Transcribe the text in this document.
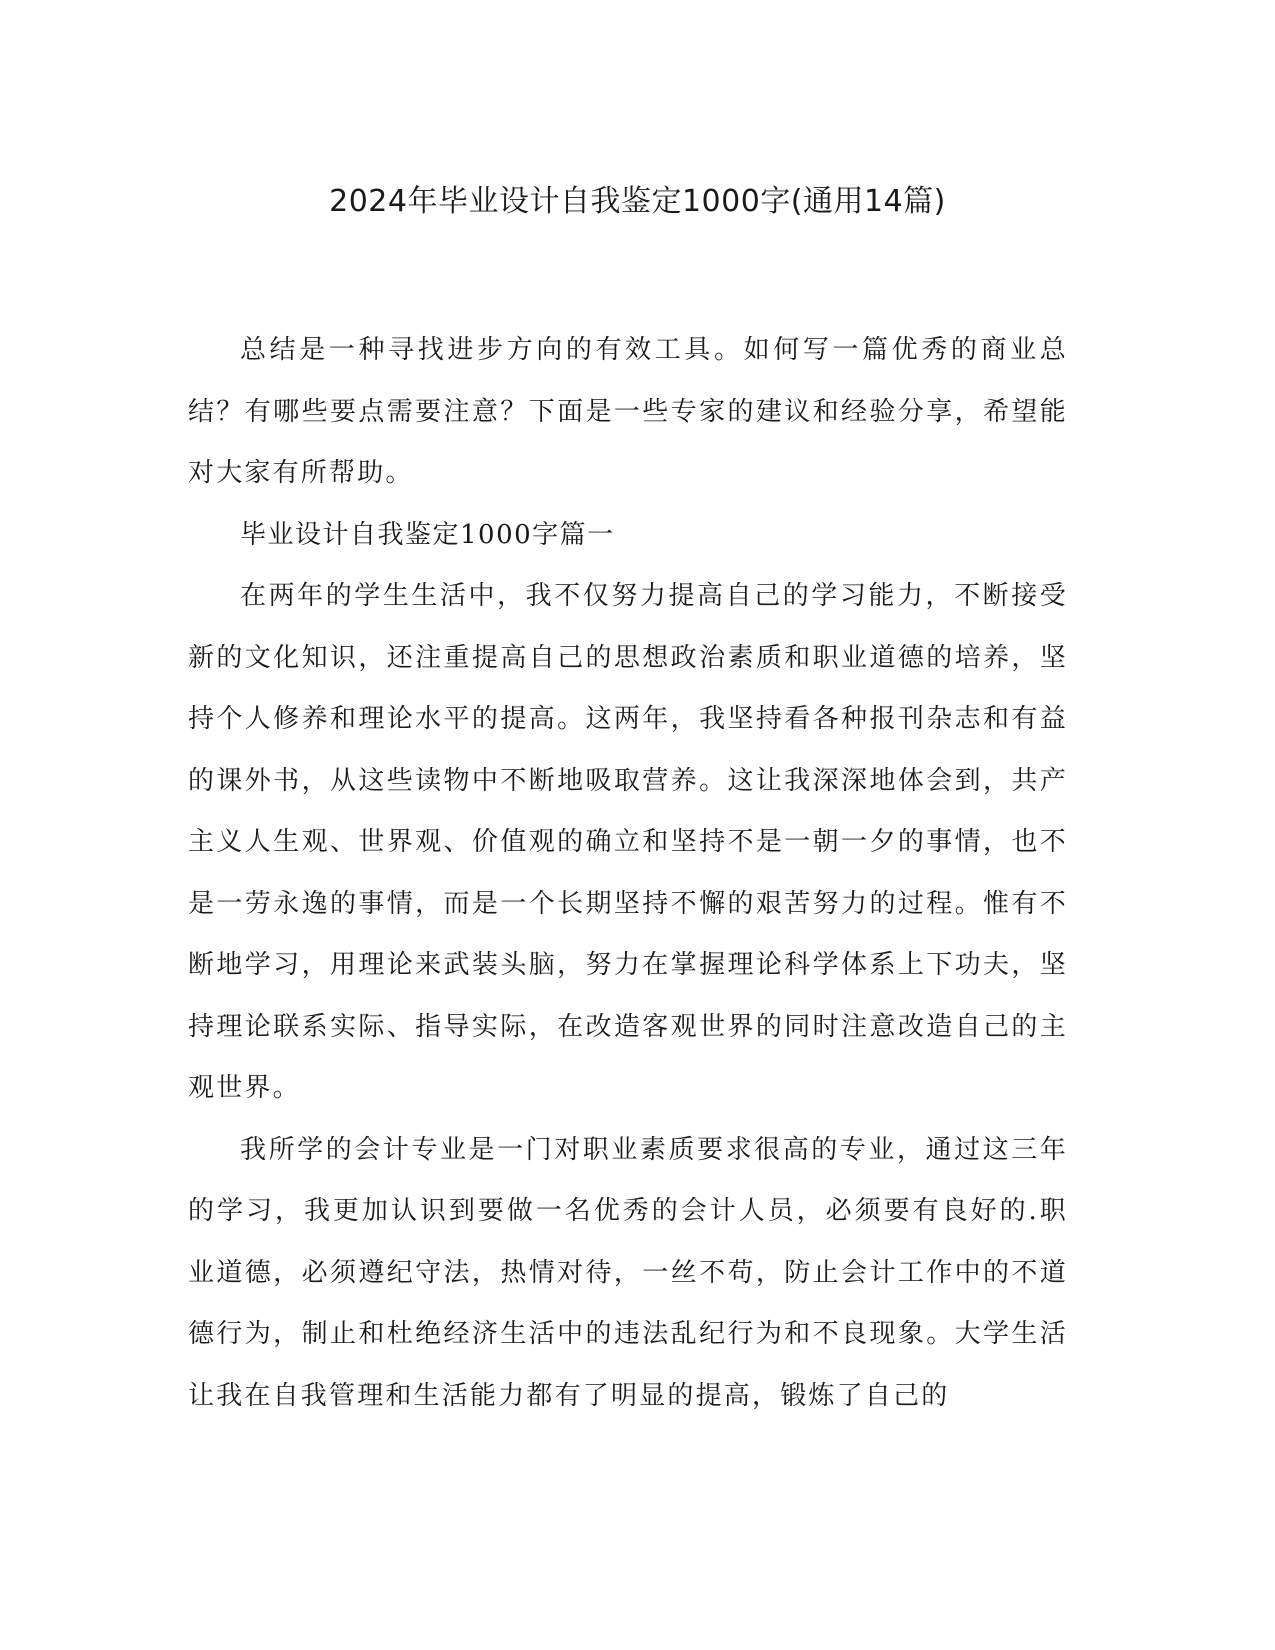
2024年毕业设计自我鉴定1000字(通用14篇)

总结是一种寻找进步方向的有效工具。如何写一篇优秀的商业总结？有哪些要点需要注意？下面是一些专家的建议和经验分享，希望能对大家有所帮助。

毕业设计自我鉴定1000字篇一

在两年的学生生活中，我不仅努力提高自己的学习能力，不断接受新的文化知识，还注重提高自己的思想政治素质和职业道德的培养，坚持个人修养和理论水平的提高。这两年，我坚持看各种报刊杂志和有益的课外书，从这些读物中不断地吸取营养。这让我深深地体会到，共产主义人生观、世界观、价值观的确立和坚持不是一朝一夕的事情，也不是一劳永逸的事情，而是一个长期坚持不懈的艰苦努力的过程。惟有不断地学习，用理论来武装头脑，努力在掌握理论科学体系上下功夫，坚持理论联系实际、指导实际，在改造客观世界的同时注意改造自己的主观世界。

我所学的会计专业是一门对职业素质要求很高的专业，通过这三年的学习，我更加认识到要做一名优秀的会计人员，必须要有良好的.职业道德，必须遵纪守法，热情对待，一丝不苟，防止会计工作中的不道德行为，制止和杜绝经济生活中的违法乱纪行为和不良现象。大学生活让我在自我管理和生活能力都有了明显的提高，锻炼了自己的
